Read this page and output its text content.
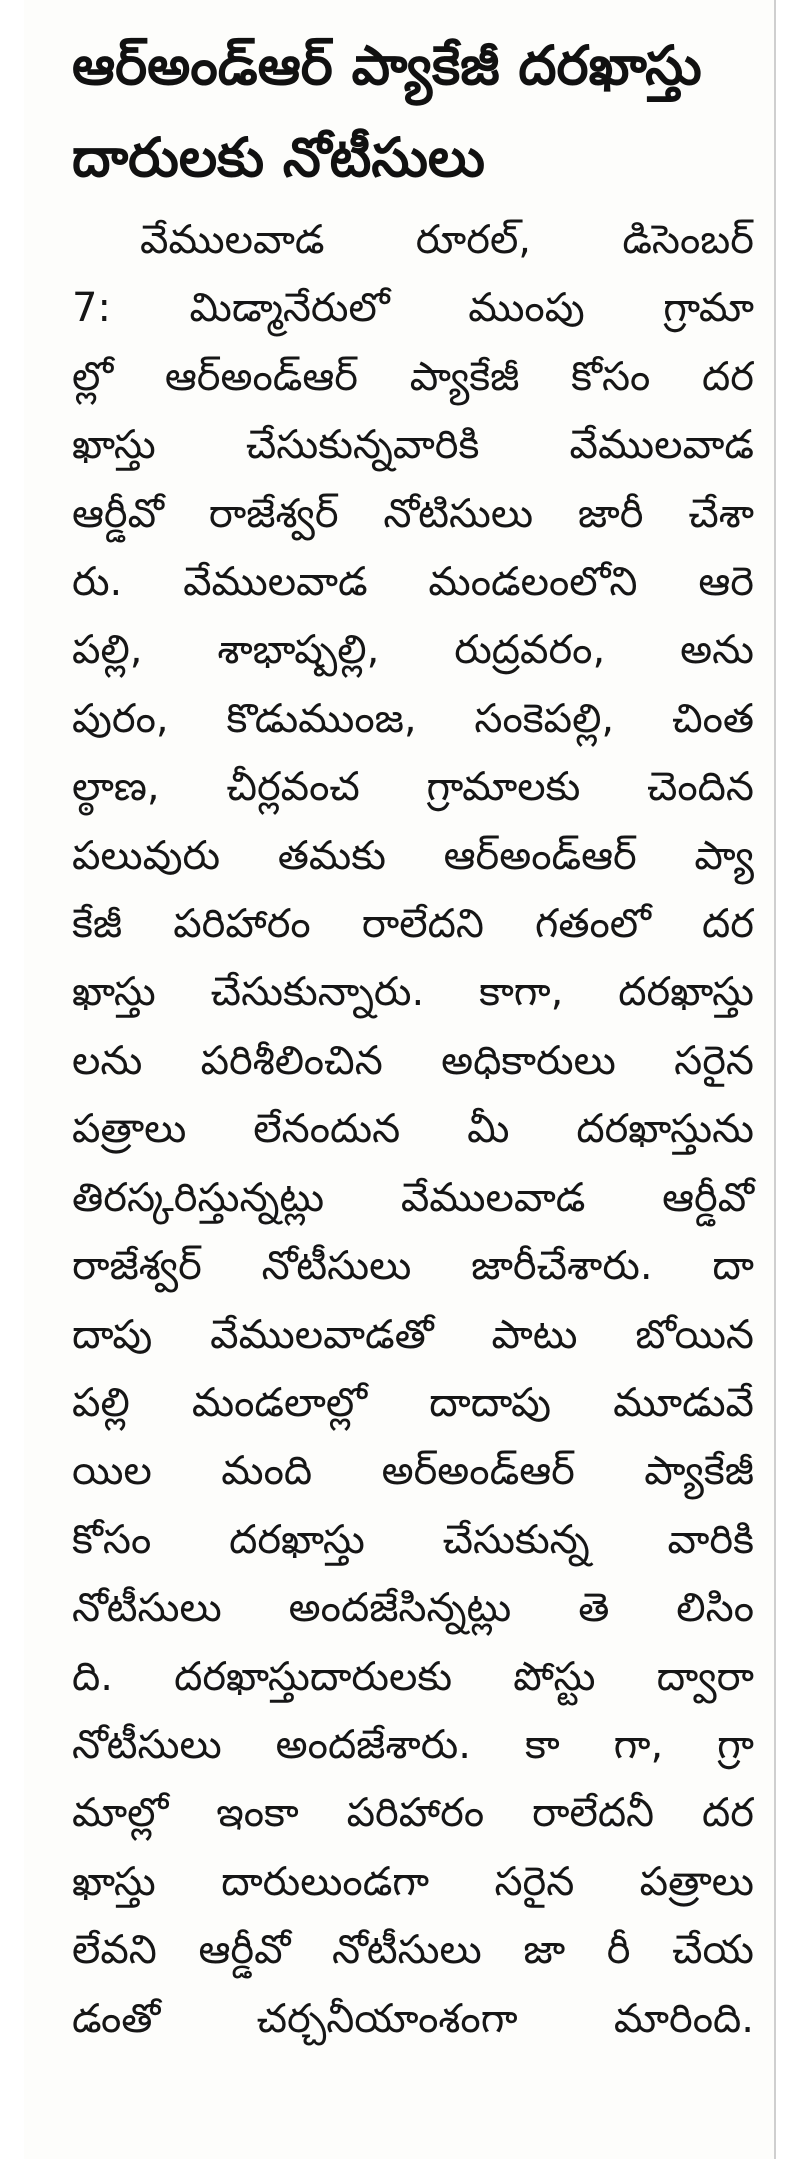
ఆర్అండ్ఆర్ ప్యాకేజీ దరఖాస్తు
దారులకు నోటీసులు
వేములవాడ రూరల్, డిసెంబర్
7: మిడ్మానేరులో ముంపు గ్రామా
ల్లో ఆర్అండ్ఆర్ ప్యాకేజీ కోసం దర
ఖాస్తు చేసుకున్నవారికి వేములవాడ
ఆర్డీవో రాజేశ్వర్ నోటిసులు జారీ చేశా
రు. వేములవాడ మండలంలోని ఆరె
పల్లి, శాభాష్పల్లి, రుద్రవరం, అను
పురం, కొడుముంజ, సంకెపల్లి, చింత
ల్ఠాణ, చీర్లవంచ గ్రామాలకు చెందిన
పలువురు తమకు ఆర్అండ్ఆర్ ప్యా
కేజీ పరిహారం రాలేదని గతంలో దర
ఖాస్తు చేసుకున్నారు. కాగా, దరఖాస్తు
లను పరిశీలించిన అధికారులు సరైన
పత్రాలు లేనందున మీ దరఖాస్తును
తిరస్కరిస్తున్నట్లు వేములవాడ ఆర్డీవో
రాజేశ్వర్ నోటీసులు జారీచేశారు. దా
దాపు వేములవాడతో పాటు బోయిన
పల్లి మండలాల్లో దాదాపు మూడువే
యిల మంది అర్అండ్ఆర్ ప్యాకేజీ
కోసం దరఖాస్తు చేసుకున్న వారికి
నోటీసులు అందజేసిన్నట్లు తె లిసిం
ది. దరఖాస్తుదారులకు పోస్టు ద్వారా
నోటీసులు అందజేశారు. కా గా, గ్రా
మాల్లో ఇంకా పరిహారం రాలేదనీ దర
ఖాస్తు దారులుండగా సరైన పత్రాలు
లేవని ఆర్డీవో నోటీసులు జా రీ చేయ
డంతో చర్చనీయాంశంగా మారింది.
